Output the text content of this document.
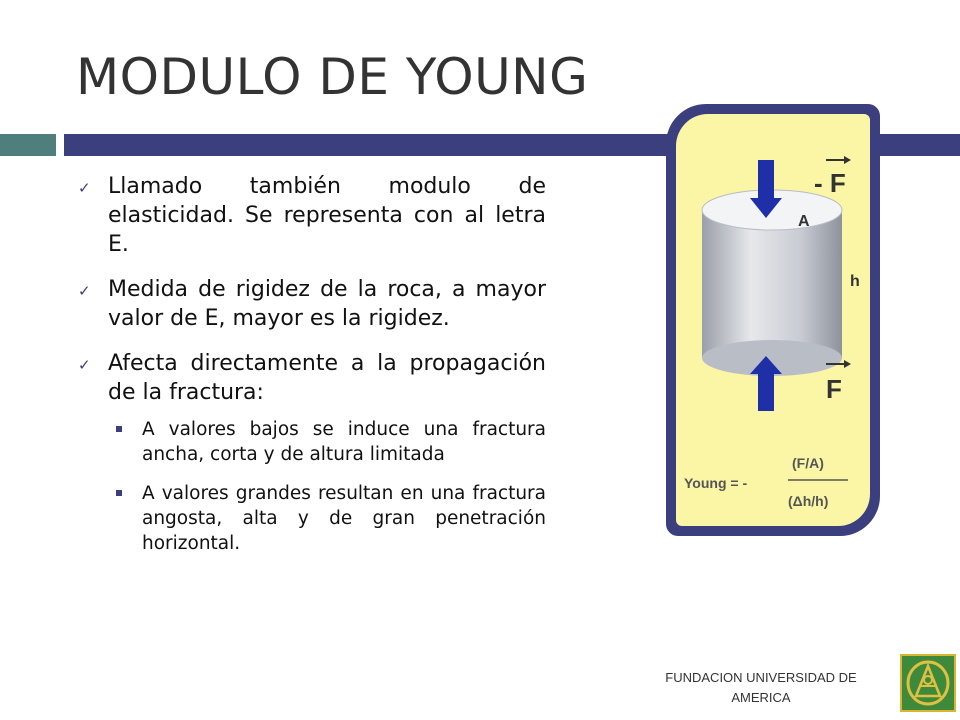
MODULO DE YOUNG
✓ Llamado también modulo de elasticidad. Se representa con al letra E.
✓ Medida de rigidez de la roca, a mayor valor de E, mayor es la rigidez.
✓ Afecta directamente a la propagación de la fractura:
A valores bajos se induce una fractura ancha, corta y de altura limitada
A valores grandes resultan en una fractura angosta, alta y de gran penetración horizontal.
- F
A
h
F
Young = -
(F/A)
(Δh/h)
FUNDACION UNIVERSIDAD DE
AMERICA
